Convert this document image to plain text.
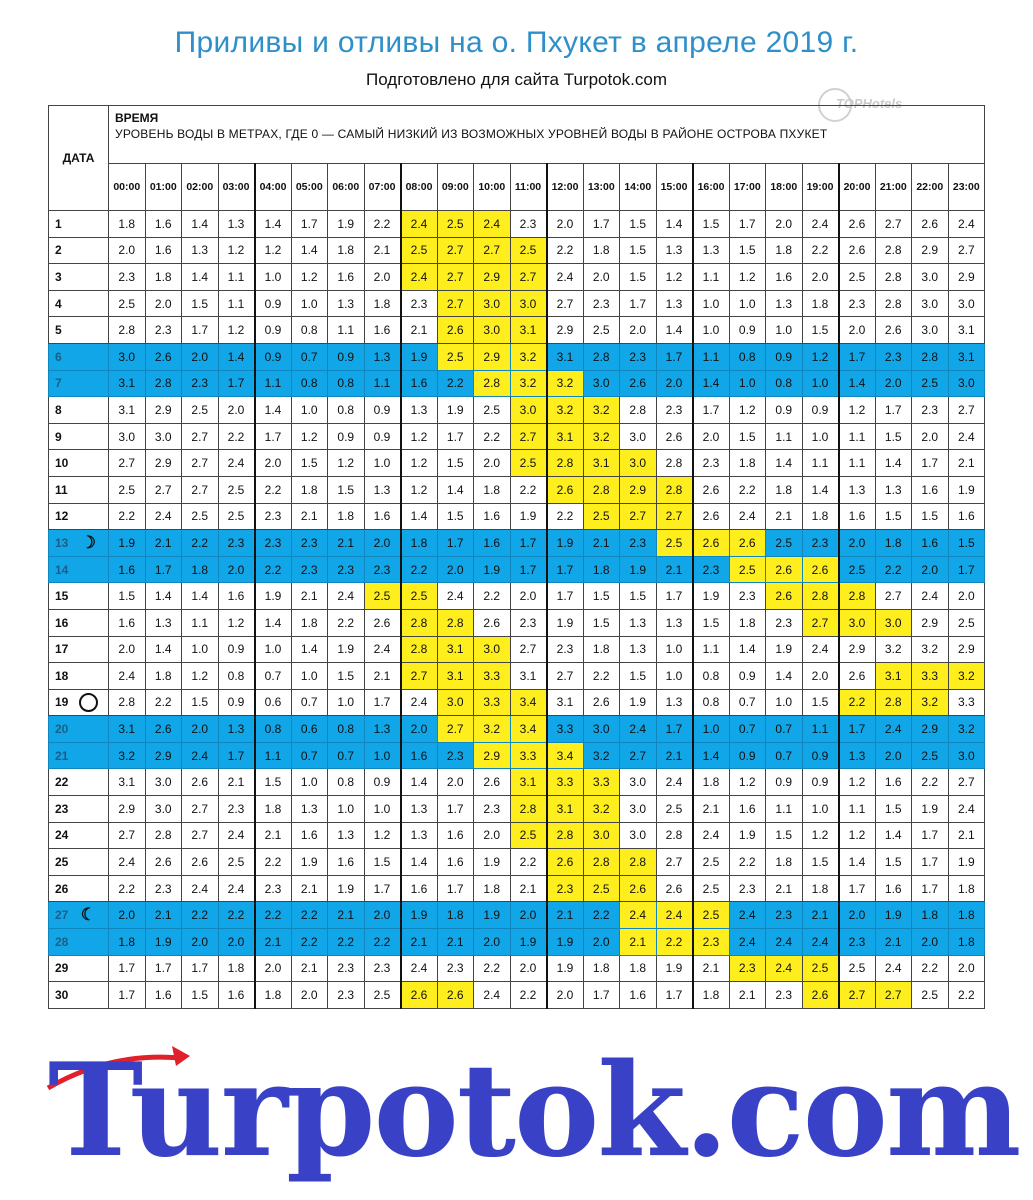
Приливы и отливы на о. Пхукет в апреле 2019 г.
Подготовлено для сайта Turpotok.com
TOPHotels
ДАТА	ВРЕМЯ
УРОВЕНЬ ВОДЫ В МЕТРАХ, ГДЕ 0 — САМЫЙ НИЗКИЙ ИЗ ВОЗМОЖНЫХ УРОВНЕЙ ВОДЫ В РАЙОНЕ ОСТРОВА ПХУКЕТ																							

	00:00	01:00	02:00	03:00	04:00	05:00	06:00	07:00	08:00	09:00	10:00	11:00	12:00	13:00	14:00	15:00	16:00	17:00	18:00	19:00	20:00	21:00	22:00	23:00
1	1.8	1.6	1.4	1.3	1.4	1.7	1.9	2.2	2.4	2.5	2.4	2.3	2.0	1.7	1.5	1.4	1.5	1.7	2.0	2.4	2.6	2.7	2.6	2.4
2	2.0	1.6	1.3	1.2	1.2	1.4	1.8	2.1	2.5	2.7	2.7	2.5	2.2	1.8	1.5	1.3	1.3	1.5	1.8	2.2	2.6	2.8	2.9	2.7
3	2.3	1.8	1.4	1.1	1.0	1.2	1.6	2.0	2.4	2.7	2.9	2.7	2.4	2.0	1.5	1.2	1.1	1.2	1.6	2.0	2.5	2.8	3.0	2.9
4	2.5	2.0	1.5	1.1	0.9	1.0	1.3	1.8	2.3	2.7	3.0	3.0	2.7	2.3	1.7	1.3	1.0	1.0	1.3	1.8	2.3	2.8	3.0	3.0
5	2.8	2.3	1.7	1.2	0.9	0.8	1.1	1.6	2.1	2.6	3.0	3.1	2.9	2.5	2.0	1.4	1.0	0.9	1.0	1.5	2.0	2.6	3.0	3.1
6	3.0	2.6	2.0	1.4	0.9	0.7	0.9	1.3	1.9	2.5	2.9	3.2	3.1	2.8	2.3	1.7	1.1	0.8	0.9	1.2	1.7	2.3	2.8	3.1
7	3.1	2.8	2.3	1.7	1.1	0.8	0.8	1.1	1.6	2.2	2.8	3.2	3.2	3.0	2.6	2.0	1.4	1.0	0.8	1.0	1.4	2.0	2.5	3.0
8	3.1	2.9	2.5	2.0	1.4	1.0	0.8	0.9	1.3	1.9	2.5	3.0	3.2	3.2	2.8	2.3	1.7	1.2	0.9	0.9	1.2	1.7	2.3	2.7
9	3.0	3.0	2.7	2.2	1.7	1.2	0.9	0.9	1.2	1.7	2.2	2.7	3.1	3.2	3.0	2.6	2.0	1.5	1.1	1.0	1.1	1.5	2.0	2.4
10	2.7	2.9	2.7	2.4	2.0	1.5	1.2	1.0	1.2	1.5	2.0	2.5	2.8	3.1	3.0	2.8	2.3	1.8	1.4	1.1	1.1	1.4	1.7	2.1
11	2.5	2.7	2.7	2.5	2.2	1.8	1.5	1.3	1.2	1.4	1.8	2.2	2.6	2.8	2.9	2.8	2.6	2.2	1.8	1.4	1.3	1.3	1.6	1.9
12	2.2	2.4	2.5	2.5	2.3	2.1	1.8	1.6	1.4	1.5	1.6	1.9	2.2	2.5	2.7	2.7	2.6	2.4	2.1	1.8	1.6	1.5	1.5	1.6
13 ☽	1.9	2.1	2.2	2.3	2.3	2.3	2.1	2.0	1.8	1.7	1.6	1.7	1.9	2.1	2.3	2.5	2.6	2.6	2.5	2.3	2.0	1.8	1.6	1.5
14	1.6	1.7	1.8	2.0	2.2	2.3	2.3	2.3	2.2	2.0	1.9	1.7	1.7	1.8	1.9	2.1	2.3	2.5	2.6	2.6	2.5	2.2	2.0	1.7
15	1.5	1.4	1.4	1.6	1.9	2.1	2.4	2.5	2.5	2.4	2.2	2.0	1.7	1.5	1.5	1.7	1.9	2.3	2.6	2.8	2.8	2.7	2.4	2.0
16	1.6	1.3	1.1	1.2	1.4	1.8	2.2	2.6	2.8	2.8	2.6	2.3	1.9	1.5	1.3	1.3	1.5	1.8	2.3	2.7	3.0	3.0	2.9	2.5
17	2.0	1.4	1.0	0.9	1.0	1.4	1.9	2.4	2.8	3.1	3.0	2.7	2.3	1.8	1.3	1.0	1.1	1.4	1.9	2.4	2.9	3.2	3.2	2.9
18	2.4	1.8	1.2	0.8	0.7	1.0	1.5	2.1	2.7	3.1	3.3	3.1	2.7	2.2	1.5	1.0	0.8	0.9	1.4	2.0	2.6	3.1	3.3	3.2
19	2.8	2.2	1.5	0.9	0.6	0.7	1.0	1.7	2.4	3.0	3.3	3.4	3.1	2.6	1.9	1.3	0.8	0.7	1.0	1.5	2.2	2.8	3.2	3.3
20	3.1	2.6	2.0	1.3	0.8	0.6	0.8	1.3	2.0	2.7	3.2	3.4	3.3	3.0	2.4	1.7	1.0	0.7	0.7	1.1	1.7	2.4	2.9	3.2
21	3.2	2.9	2.4	1.7	1.1	0.7	0.7	1.0	1.6	2.3	2.9	3.3	3.4	3.2	2.7	2.1	1.4	0.9	0.7	0.9	1.3	2.0	2.5	3.0
22	3.1	3.0	2.6	2.1	1.5	1.0	0.8	0.9	1.4	2.0	2.6	3.1	3.3	3.3	3.0	2.4	1.8	1.2	0.9	0.9	1.2	1.6	2.2	2.7
23	2.9	3.0	2.7	2.3	1.8	1.3	1.0	1.0	1.3	1.7	2.3	2.8	3.1	3.2	3.0	2.5	2.1	1.6	1.1	1.0	1.1	1.5	1.9	2.4
24	2.7	2.8	2.7	2.4	2.1	1.6	1.3	1.2	1.3	1.6	2.0	2.5	2.8	3.0	3.0	2.8	2.4	1.9	1.5	1.2	1.2	1.4	1.7	2.1
25	2.4	2.6	2.6	2.5	2.2	1.9	1.6	1.5	1.4	1.6	1.9	2.2	2.6	2.8	2.8	2.7	2.5	2.2	1.8	1.5	1.4	1.5	1.7	1.9
26	2.2	2.3	2.4	2.4	2.3	2.1	1.9	1.7	1.6	1.7	1.8	2.1	2.3	2.5	2.6	2.6	2.5	2.3	2.1	1.8	1.7	1.6	1.7	1.8
27 ☾	2.0	2.1	2.2	2.2	2.2	2.2	2.1	2.0	1.9	1.8	1.9	2.0	2.1	2.2	2.4	2.4	2.5	2.4	2.3	2.1	2.0	1.9	1.8	1.8
28	1.8	1.9	2.0	2.0	2.1	2.2	2.2	2.2	2.1	2.1	2.0	1.9	1.9	2.0	2.1	2.2	2.3	2.4	2.4	2.4	2.3	2.1	2.0	1.8
29	1.7	1.7	1.7	1.8	2.0	2.1	2.3	2.3	2.4	2.3	2.2	2.0	1.9	1.8	1.8	1.9	2.1	2.3	2.4	2.5	2.5	2.4	2.2	2.0
30	1.7	1.6	1.5	1.6	1.8	2.0	2.3	2.5	2.6	2.6	2.4	2.2	2.0	1.7	1.6	1.7	1.8	2.1	2.3	2.6	2.7	2.7	2.5	2.2
Turpotok.com
